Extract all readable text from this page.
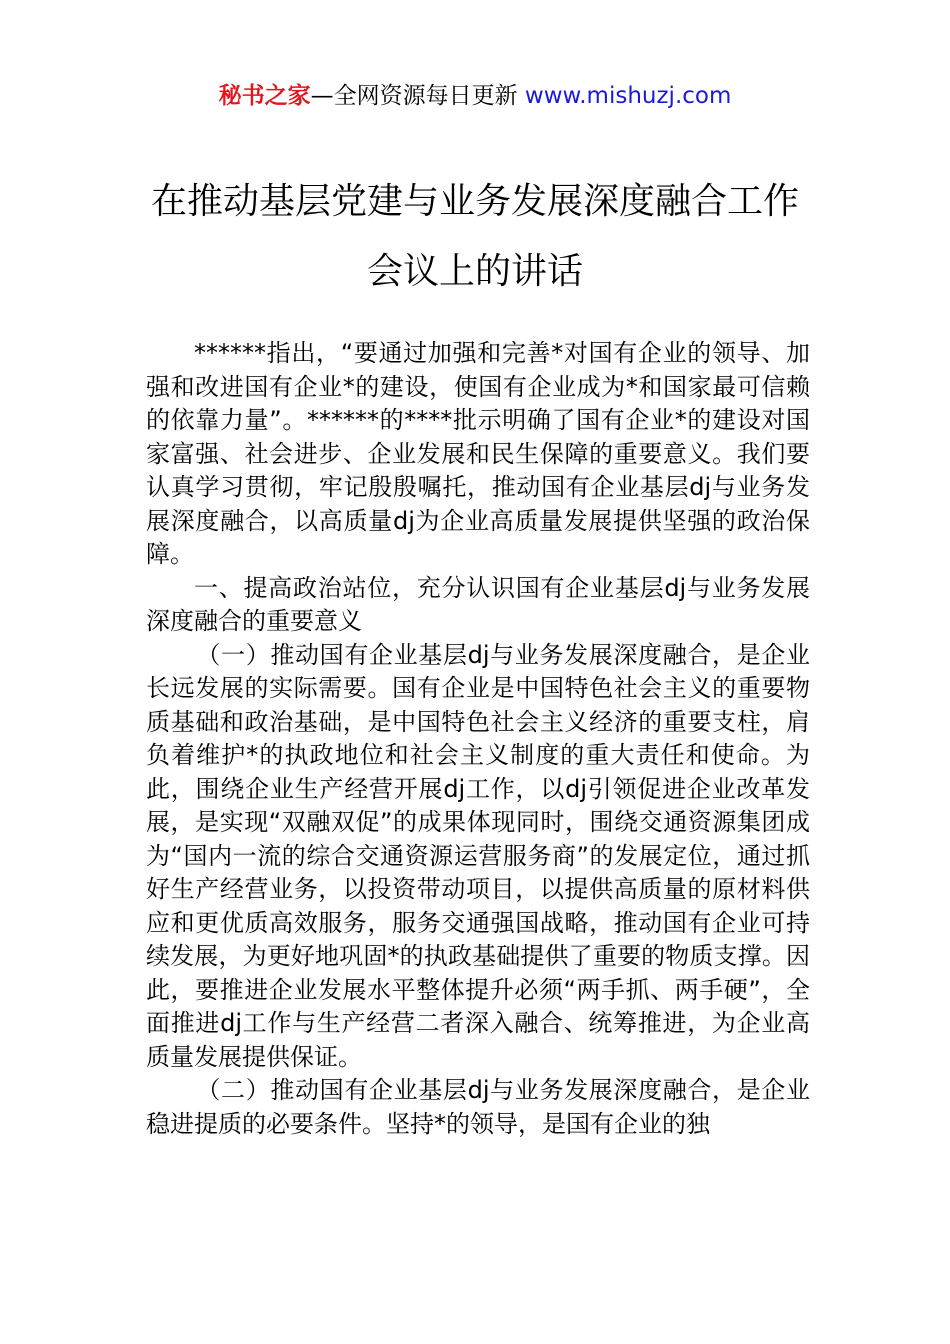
秘书之家—全网资源每日更新 www.mishuzj.com
在推动基层党建与业务发展深度融合工作
会议上的讲话

******指出，“要通过加强和完善*对国有企业的领导、加强和改进国有企业*的建设，使国有企业成为*和国家最可信赖的依靠力量”。******的****批示明确了国有企业*的建设对国家富强、社会进步、企业发展和民生保障的重要意义。我们要认真学习贯彻，牢记殷殷嘱托，推动国有企业基层dj与业务发展深度融合，以高质量dj为企业高质量发展提供坚强的政治保障。

一、提高政治站位，充分认识国有企业基层dj与业务发展深度融合的重要意义

（一）推动国有企业基层dj与业务发展深度融合，是企业长远发展的实际需要。国有企业是中国特色社会主义的重要物质基础和政治基础，是中国特色社会主义经济的重要支柱，肩负着维护*的执政地位和社会主义制度的重大责任和使命。为此，围绕企业生产经营开展dj工作，以dj引领促进企业改革发展，是实现“双融双促”的成果体现同时，围绕交通资源集团成为“国内一流的综合交通资源运营服务商”的发展定位，通过抓好生产经营业务，以投资带动项目，以提供高质量的原材料供应和更优质高效服务，服务交通强国战略，推动国有企业可持续发展，为更好地巩固*的执政基础提供了重要的物质支撑。因此，要推进企业发展水平整体提升必须“两手抓、两手硬”，全面推进dj工作与生产经营二者深入融合、统筹推进，为企业高质量发展提供保证。

（二）推动国有企业基层dj与业务发展深度融合，是企业稳进提质的必要条件。坚持*的领导，是国有企业的独
